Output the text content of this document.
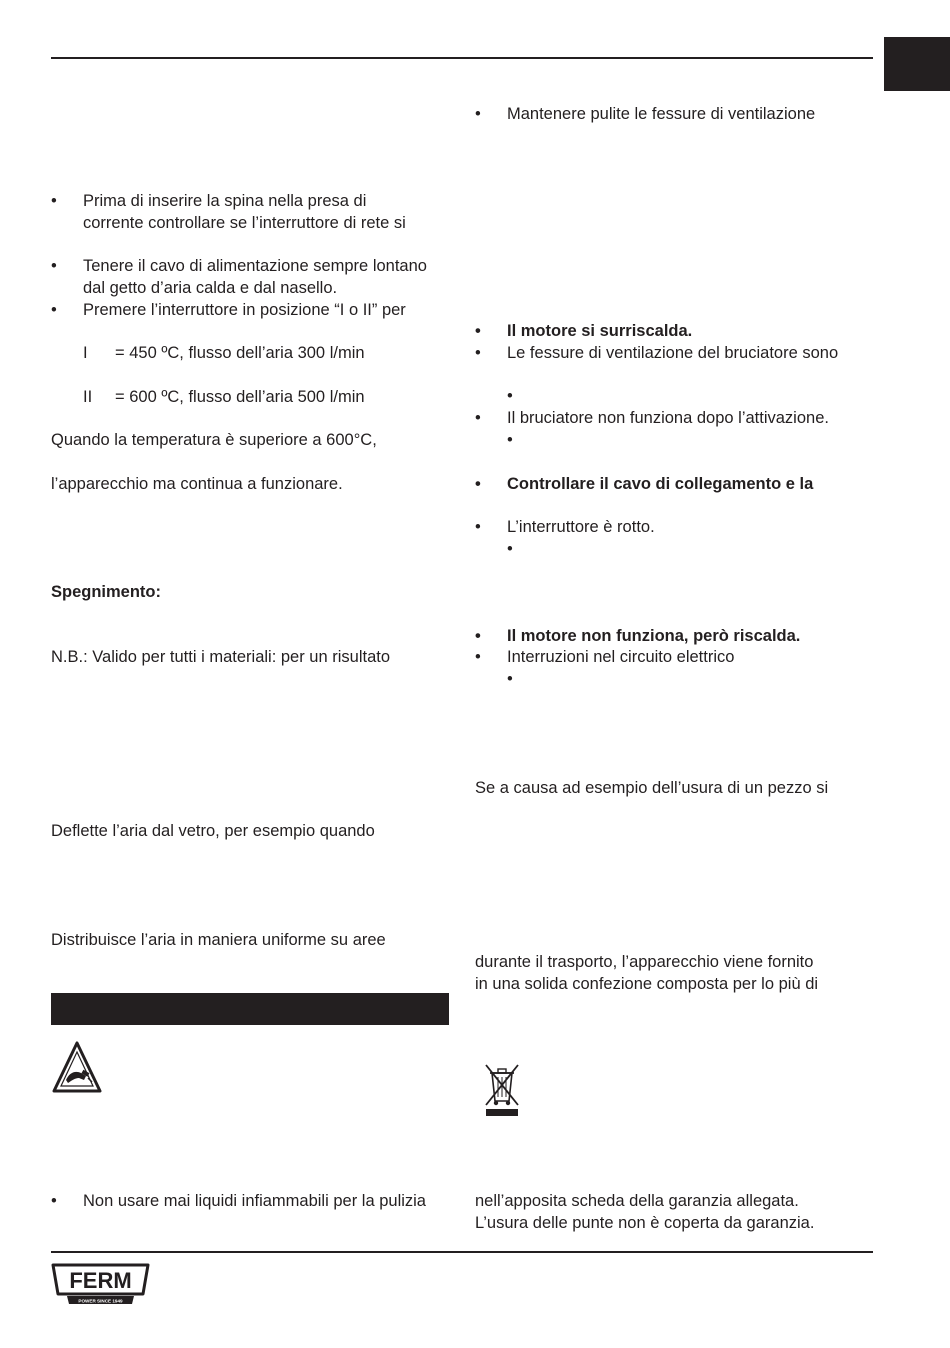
• Prima di inserire la spina nella presa di
corrente controllare se l’interruttore di rete si
• Tenere il cavo di alimentazione sempre lontano
dal getto d’aria calda e dal nasello.
• Premere l’interruttore in posizione “I o II” per
I = 450 ºC, flusso dell’aria 300 l/min
II = 600 ºC, flusso dell’aria 500 l/min
Quando la temperatura è superiore a 600°C,
l’apparecchio ma continua a funzionare.
Spegnimento:
N.B.: Valido per tutti i materiali: per un risultato
Deflette l’aria dal vetro, per esempio quando
Distribuisce l’aria in maniera uniforme su aree
• Non usare mai liquidi infiammabili per la pulizia
• Mantenere pulite le fessure di ventilazione
• Il motore si surriscalda.
• Le fessure di ventilazione del bruciatore sono
•
• Il bruciatore non funziona dopo l’attivazione.
•
• Controllare il cavo di collegamento e la
• L’interruttore è rotto.
•
• Il motore non funziona, però riscalda.
• Interruzioni nel circuito elettrico
•
Se a causa ad esempio dell’usura di un pezzo si
durante il trasporto, l’apparecchio viene fornito
in una solida confezione composta per lo più di
nell’apposita scheda della garanzia allegata.
L’usura delle punte non è coperta da garanzia.
FERM
POWER SINCE 1949
